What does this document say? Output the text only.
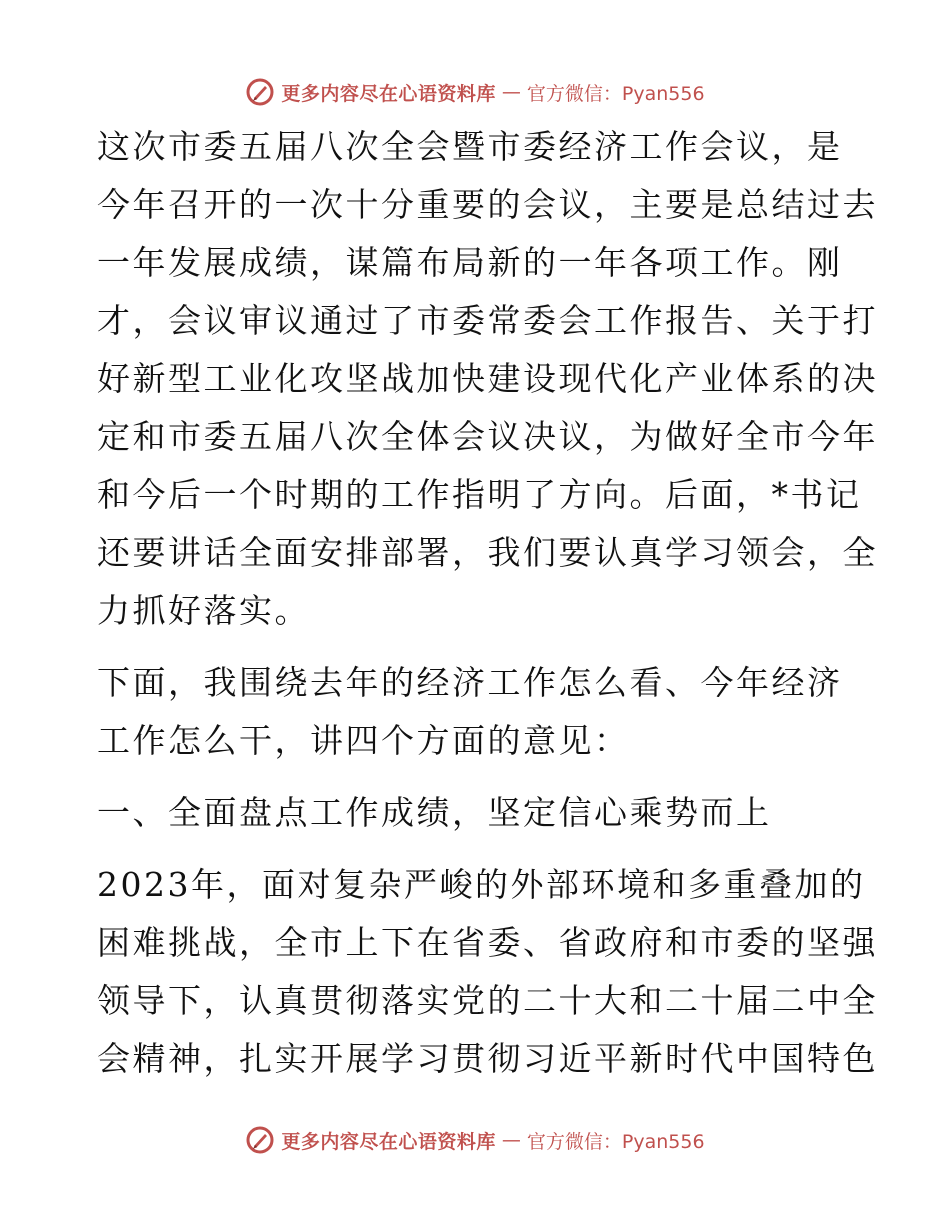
更多内容尽在心语资料库 — 官方微信：Pyan556
这次市委五届八次全会暨市委经济工作会议，是
今年召开的一次十分重要的会议，主要是总结过去
一年发展成绩，谋篇布局新的一年各项工作。刚
才，会议审议通过了市委常委会工作报告、关于打
好新型工业化攻坚战加快建设现代化产业体系的决
定和市委五届八次全体会议决议，为做好全市今年
和今后一个时期的工作指明了方向。后面，*书记
还要讲话全面安排部署，我们要认真学习领会，全
力抓好落实。
下面，我围绕去年的经济工作怎么看、今年经济
工作怎么干，讲四个方面的意见：
一、全面盘点工作成绩，坚定信心乘势而上
2023年，面对复杂严峻的外部环境和多重叠加的
困难挑战，全市上下在省委、省政府和市委的坚强
领导下，认真贯彻落实党的二十大和二十届二中全
会精神，扎实开展学习贯彻习近平新时代中国特色
更多内容尽在心语资料库 — 官方微信：Pyan556
